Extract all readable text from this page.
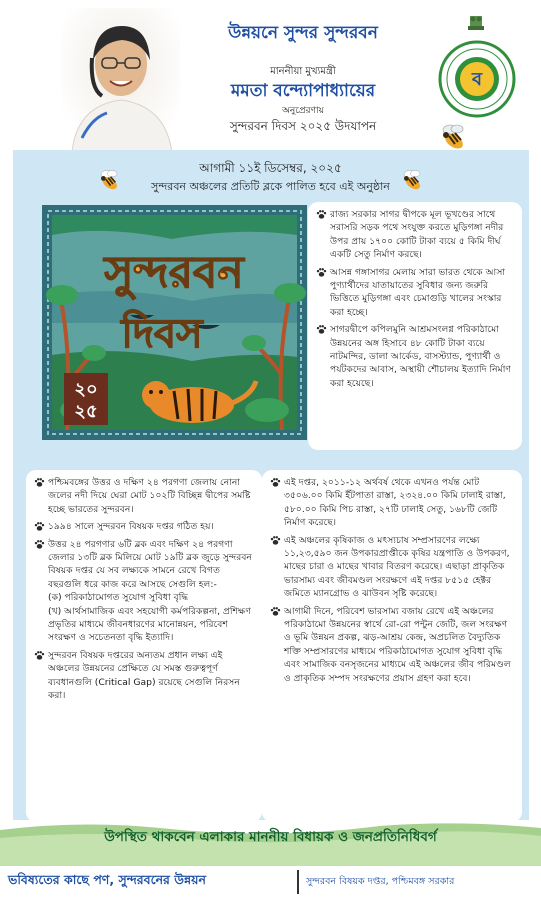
উন্নয়নে সুন্দর সুন্দরবন
মাননীয়া মুখ্যমন্ত্রী
মমতা বন্দ্যোপাধ্যায়ের
অনুপ্রেরণায়
সুন্দরবন দিবস ২০২৫ উদযাপন
ব
আগামী ১১ই ডিসেম্বর, ২০২৫
সুন্দরবন অঞ্চলের প্রতিটি ব্লকে পালিত হবে এই অনুষ্ঠান
সুন্দরবন
দিবস
২০
২৫
রাজ্য সরকার সাগর দ্বীপকে মূল ভূখণ্ডের সাথে সরাসরি সড়ক পথে সংযুক্ত করতে মুড়িগঙ্গা নদীর উপর প্রায় ১৭০০ কোটি টাকা ব্যয়ে ৫ কিমি দীর্ঘ একটি সেতু নির্মাণ করছে।
আসন্ন গঙ্গাসাগর মেলায় সারা ভারত থেকে আসা পুণ্যার্থীদের যাতায়াতের সুবিধার জন্য জরুরি ভিত্তিতে মুড়িগঙ্গা এবং চেমাগুড়ি খালের সংস্কার করা হচ্ছে।
সাগরদ্বীপে কপিলমুনি আশ্রমসংলগ্ন পরিকাঠামো উন্নয়নের অঙ্গ হিসাবে ৪৮ কোটি টাকা ব্যয়ে নাটমন্দির, ডালা আর্কেড, বাসস্ট্যান্ড, পুণ্যার্থী ও পর্যটকদের আবাস, অস্থায়ী শৌচালয় ইত্যাদি নির্মাণ করা হয়েছে।
পশ্চিমবঙ্গের উত্তর ও দক্ষিণ ২৪ পরগণা জেলায় নোনা জলের নদী দিয়ে ঘেরা মোট ১০২টি বিচ্ছিন্ন দ্বীপের সমষ্টি হচ্ছে ভারতের সুন্দরবন।
১৯৯৪ সালে সুন্দরবন বিষয়ক দপ্তর গঠিত হয়।
উত্তর ২৪ পরগণার ৬টি ব্লক এবং দক্ষিণ ২৪ পরগণা জেলার ১৩টি ব্লক মিলিয়ে মোট ১৯টি ব্লক জুড়ে সুন্দরবন বিষয়ক দপ্তর যে সব লক্ষ্যকে সামনে রেখে বিগত বছরগুলি ধরে কাজ করে আসছে সেগুলি হল:-
(ক) পরিকাঠামোগত সুযোগ সুবিধা বৃদ্ধি
(খ) আর্থসামাজিক এবং সহযোগী কর্মপরিকল্পনা, প্রশিক্ষণ প্রভৃতির মাধ্যমে জীবনধারণের মানোন্নয়ন, পরিবেশ সংরক্ষণ ও সচেতনতা বৃদ্ধি ইত্যাদি।
সুন্দরবন বিষয়ক দপ্তরের অন্যতম প্রধান লক্ষ্য এই অঞ্চলের উন্নয়নের প্রেক্ষিতে যে সমস্ত গুরুত্বপূর্ণ ব্যবধানগুলি (Critical Gap) রয়েছে সেগুলি নিরসন করা।
এই দপ্তর, ২০১১-১২ অর্থবর্ষ থেকে এখনও পর্যন্ত মোট ৩৫০৬.০০ কিমি ইঁটপাতা রাস্তা, ২৩২৪.০০ কিমি ঢালাই রাস্তা, ৫৮০.০০ কিমি পিচ রাস্তা, ২৭টি ঢালাই সেতু, ১৬৮টি জেটি নির্মাণ করেছে।
এই অঞ্চলের কৃষিকাজ ও মৎস্যচাষ সম্প্রসারণের লক্ষ্যে ১১,২৩,৫৯০ জন উপকারপ্রাপ্তীকে কৃষির যন্ত্রপাতি ও উপকরণ, মাছের চারা ও মাছের খাবার বিতরণ করেছে। এছাড়া প্রাকৃতিক ভারসাম্য এবং জীবমণ্ডল সংরক্ষণে এই দপ্তর ৮৫১৫ হেক্টর জমিতে ম্যানগ্রোভ ও ঝাউবন সৃষ্টি করেছে।
আগামী দিনে, পরিবেশ ভারসাম্য বজায় রেখে এই অঞ্চলের পরিকাঠামো উন্নয়নের স্বার্থে রো-রো পন্টুন জেটি, জল সংরক্ষণ ও ভূমি উন্নয়ন প্রকল্প, ঝড়-আশ্রয় কেন্দ্র, অপ্রচলিত বৈদ্যুতিক শক্তি সম্প্রসারণের মাধ্যমে পরিকাঠামোগত সুযোগ সুবিধা বৃদ্ধি এবং সামাজিক বনসৃজনের মাধ্যমে এই অঞ্চলের জীব পরিমণ্ডল ও প্রাকৃতিক সম্পদ সংরক্ষণের প্রয়াস গ্রহণ করা হবে।
উপস্থিত থাকবেন এলাকার মাননীয় বিধায়ক ও জনপ্রতিনিধিবর্গ
ভবিষ্যতের কাছে পণ, সুন্দরবনের উন্নয়ন	সুন্দরবন বিষয়ক দপ্তর, পশ্চিমবঙ্গ সরকার
